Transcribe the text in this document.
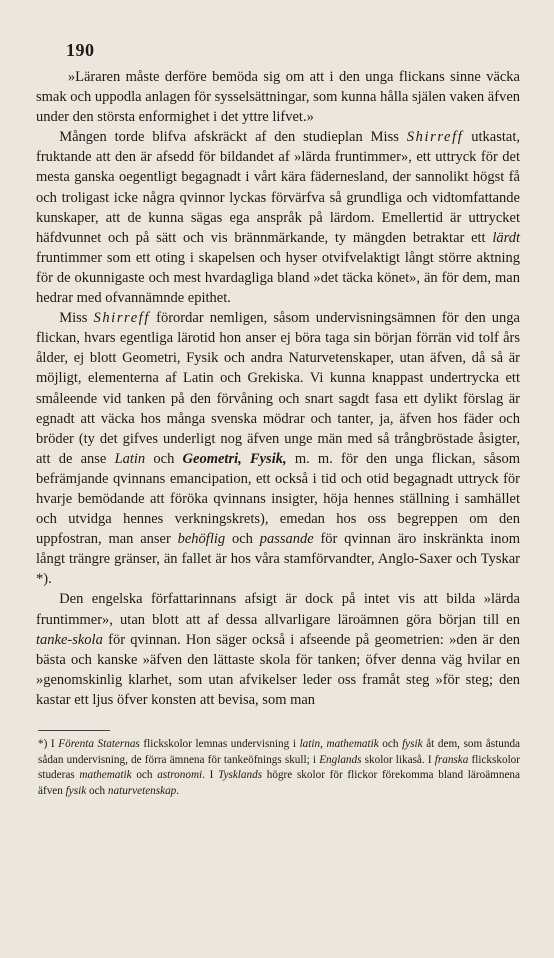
190

»Läraren måste derföre bemöda sig om att i den unga flickans sinne väcka smak och uppodla anlagen för sysselsättningar, som kunna hålla själen vaken äfven under den största enformighet i det yttre lifvet.»

Mången torde blifva afskräckt af den studieplan Miss Shirreff utkastat, fruktande att den är afsedd för bildandet af »lärda fruntimmer», ett uttryck för det mesta ganska oegentligt begagnadt i vårt kära fädernesland, der sannolikt högst få och troligast icke några qvinnor lyckas förvärfva så grundliga och vidtomfattande kunskaper, att de kunna sägas ega anspråk på lärdom. Emellertid är uttrycket häfdvunnet och på sätt och vis brännmärkande, ty mängden betraktar ett lärdt fruntimmer som ett oting i skapelsen och hyser otvifvelaktigt långt större aktning för de okunnigaste och mest hvardagliga bland »det täcka könet», än för dem, man hedrar med ofvannämnde epithet.

Miss Shirreff förordar nemligen, såsom undervisningsämnen för den unga flickan, hvars egentliga lärotid hon anser ej böra taga sin början förrän vid tolf års ålder, ej blott Geometri, Fysik och andra Naturvetenskaper, utan äfven, då så är möjligt, elementerna af Latin och Grekiska. Vi kunna knappast undertrycka ett småleende vid tanken på den förvåning och snart sagdt fasa ett dylikt förslag är egnadt att väcka hos många svenska mödrar och tanter, ja, äfven hos fäder och bröder (ty det gifves underligt nog äfven unge män med så trångbröstade åsigter, att de anse Latin och Geometri, Fysik, m. m. för den unga flickan, såsom befrämjande qvinnans emancipation, ett också i tid och otid begagnadt uttryck för hvarje bemödande att föröka qvinnans insigter, höja hennes ställning i samhället och utvidga hennes verkningskrets), emedan hos oss begreppen om den uppfostran, man anser behöflig och passande för qvinnan äro inskränkta inom långt trängre gränser, än fallet är hos våra stamförvandter, Anglo-Saxer och Tyskar *).

Den engelska författarinnans afsigt är dock på intet vis att bilda »lärda fruntimmer», utan blott att af dessa allvarligare läroämnen göra början till en tanke-skola för qvinnan. Hon säger också i afseende på geometrien: »den är den bästa och kanske »äfven den lättaste skola för tanken; öfver denna väg hvilar en »genomskinlig klarhet, som utan afvikelser leder oss framåt steg »för steg; den kastar ett ljus öfver konsten att bevisa, som man

*) I Förenta Staternas flickskolor lemnas undervisning i latin, mathematik och fysik åt dem, som åstunda sådan undervisning, de förra ämnena för tankeöfnings skull; i Englands skolor likaså. I franska flickskolor studeras mathematik och astronomi. I Tysklands högre skolor för flickor förekomma bland läroämnena äfven fysik och naturvetenskap.
